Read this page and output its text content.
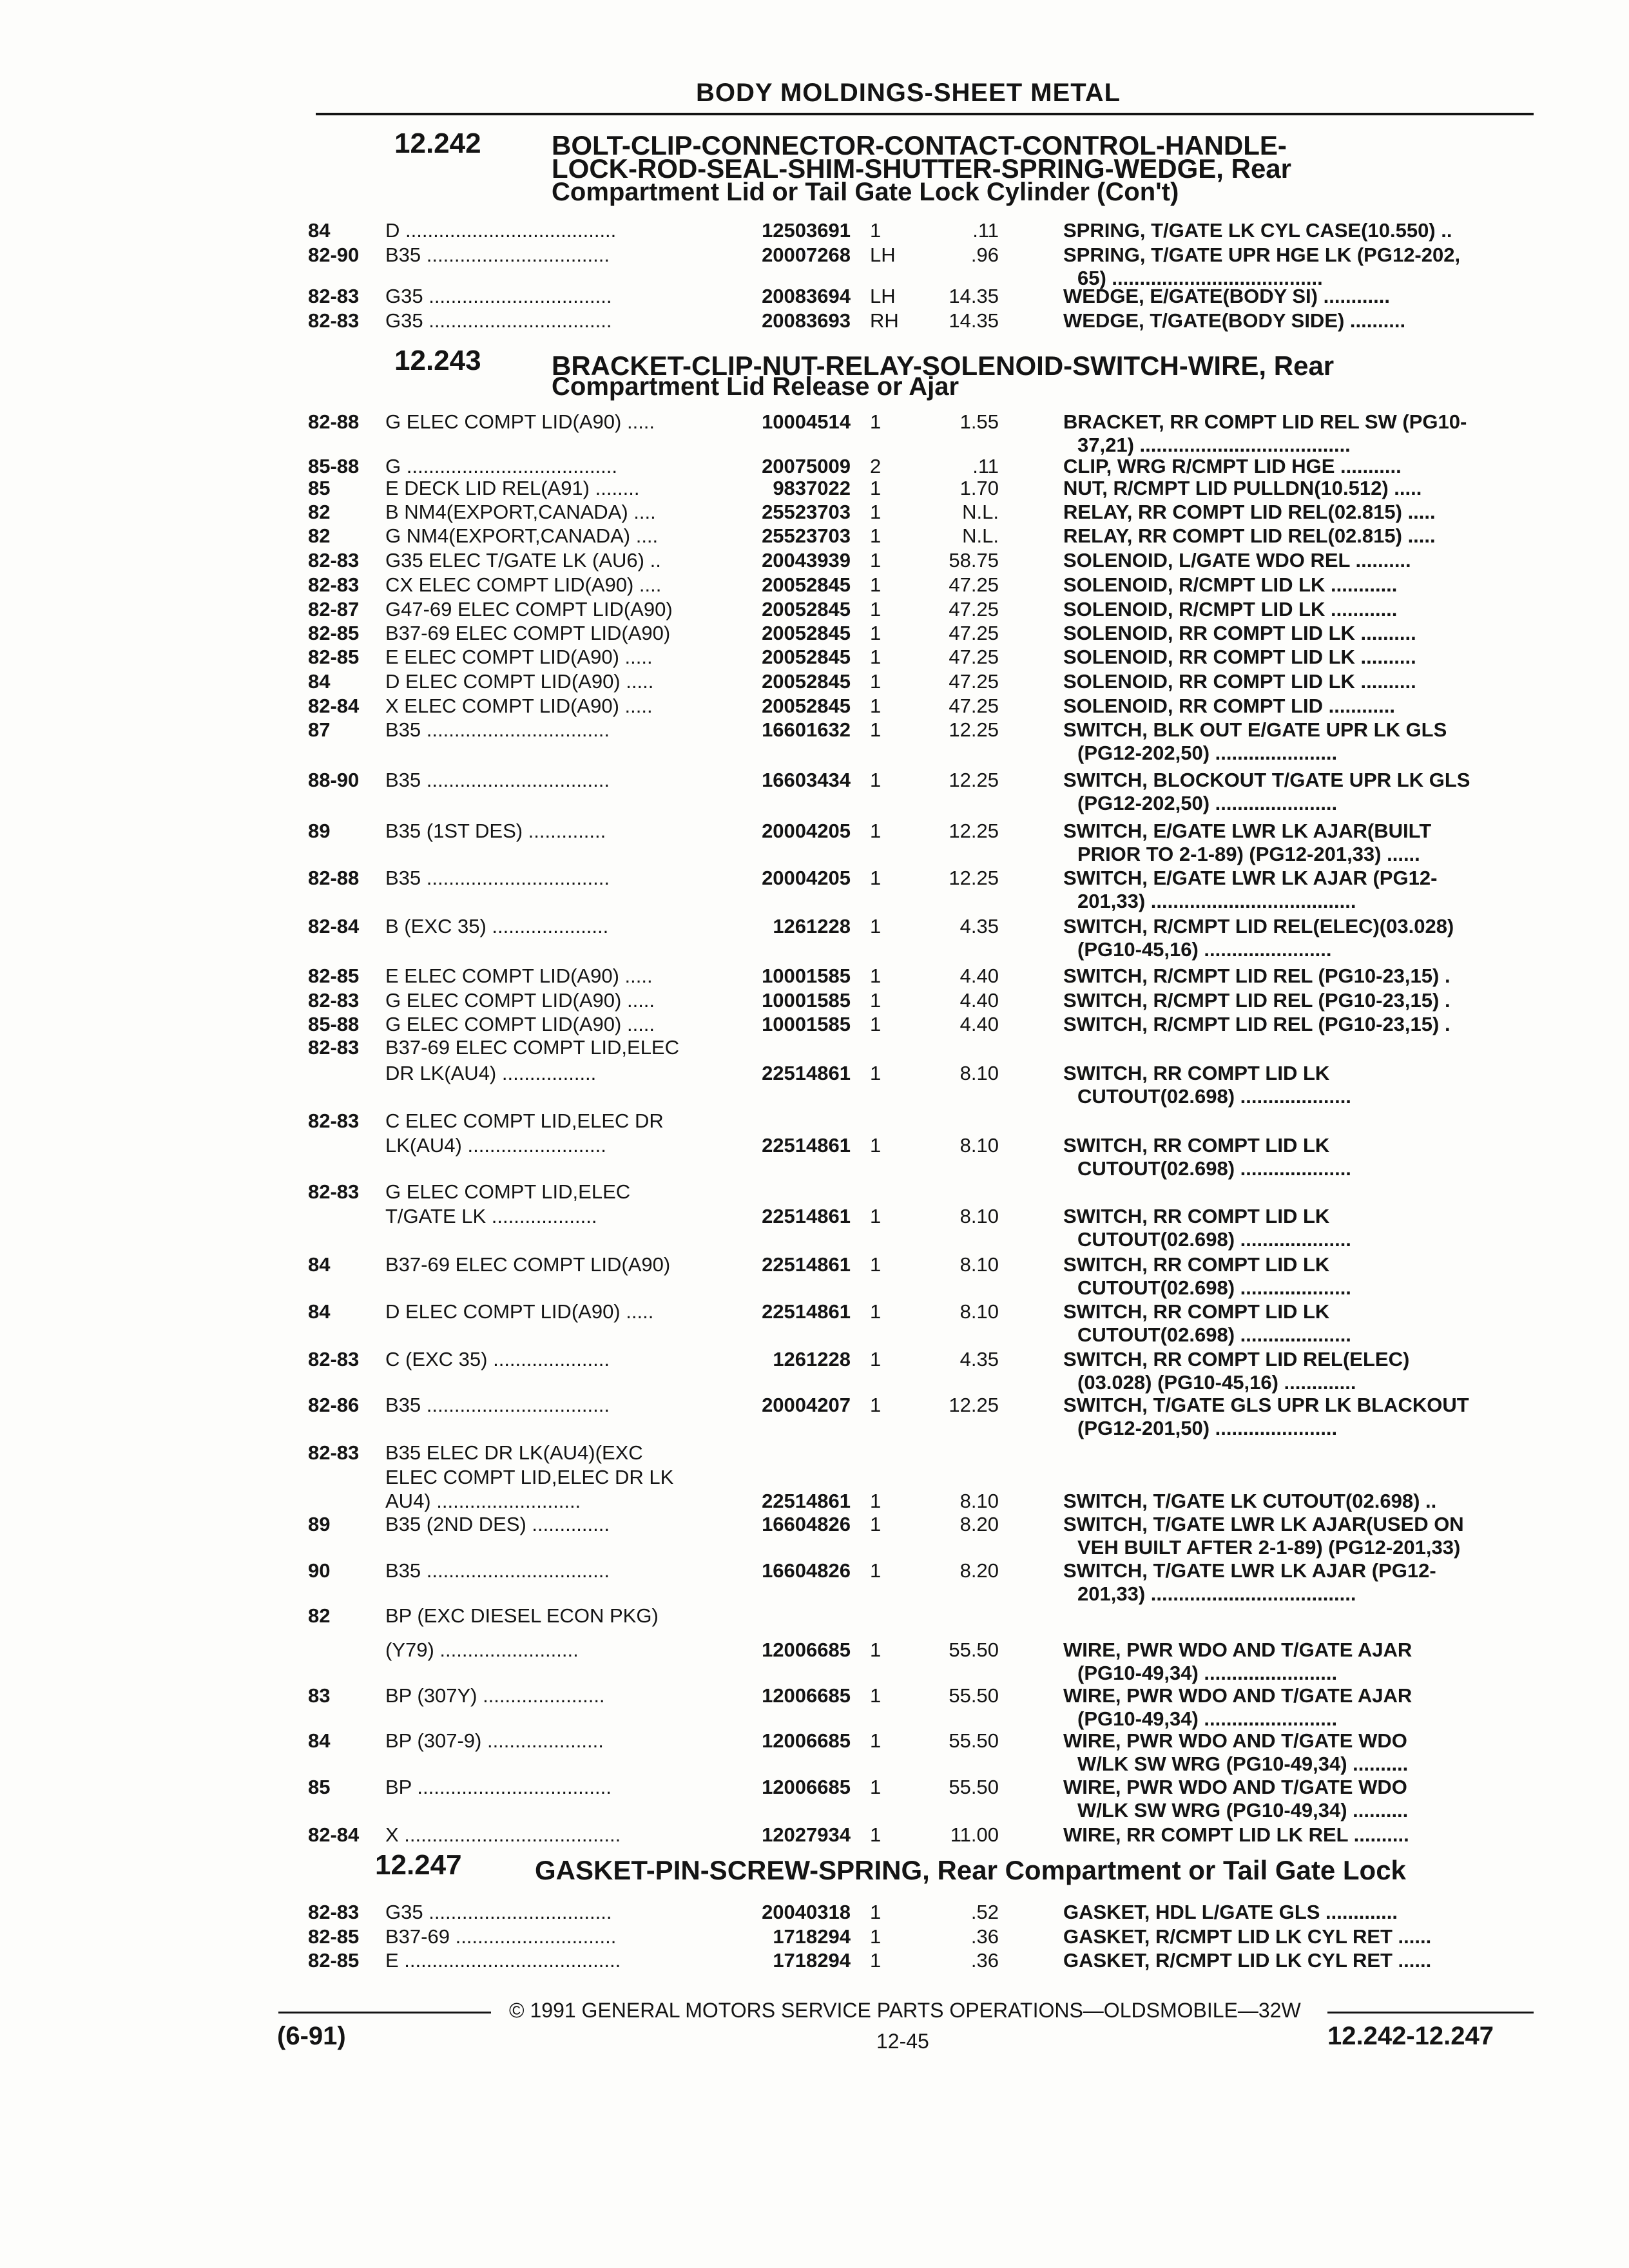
BODY MOLDINGS-SHEET METAL
12.242	BOLT-CLIP-CONNECTOR-CONTACT-CONTROL-HANDLE-
LOCK-ROD-SEAL-SHIM-SHUTTER-SPRING-WEDGE, Rear
Compartment Lid or Tail Gate Lock Cylinder (Con't)
12.243	BRACKET-CLIP-NUT-RELAY-SOLENOID-SWITCH-WIRE, Rear
Compartment Lid Release or Ajar
12.247	GASKET-PIN-SCREW-SPRING, Rear Compartment or Tail Gate Lock
84	D ......................................	12503691 1	.11	SPRING, T/GATE LK CYL CASE(10.550) ..
82-90 B35 .................................	20007268 LH	.96	SPRING, T/GATE UPR HGE LK (PG12-202,
65) ......................................
82-83 G35 .................................	20083694 LH	14.35	WEDGE, E/GATE(BODY SI) ............
82-83 G35 .................................	20083693 RH	14.35	WEDGE, T/GATE(BODY SIDE) ..........
82-88 G ELEC COMPT LID(A90) .....	10004514 1	1.55	BRACKET, RR COMPT LID REL SW (PG10-
37,21) ......................................
85-88 G ......................................	20075009 2	.11	CLIP, WRG R/CMPT LID HGE ...........
85	E DECK LID REL(A91) ........	9837022 1	1.70	NUT, R/CMPT LID PULLDN(10.512) .....
82	B NM4(EXPORT,CANADA) ....	25523703 1	N.L.	RELAY, RR COMPT LID REL(02.815) .....
82	G NM4(EXPORT,CANADA) ....	25523703 1	N.L.	RELAY, RR COMPT LID REL(02.815) .....
82-83 G35 ELEC T/GATE LK (AU6) ..	20043939 1	58.75	SOLENOID, L/GATE WDO REL ..........
82-83 CX ELEC COMPT LID(A90) ....	20052845 1	47.25	SOLENOID, R/CMPT LID LK ............
82-87 G47-69 ELEC COMPT LID(A90)	20052845 1	47.25	SOLENOID, R/CMPT LID LK ............
82-85 B37-69 ELEC COMPT LID(A90)	20052845 1	47.25	SOLENOID, RR COMPT LID LK ..........
82-85 E ELEC COMPT LID(A90) .....	20052845 1	47.25	SOLENOID, RR COMPT LID LK ..........
84	D ELEC COMPT LID(A90) .....	20052845 1	47.25	SOLENOID, RR COMPT LID LK ..........
82-84 X ELEC COMPT LID(A90) .....	20052845 1	47.25	SOLENOID, RR COMPT LID ............
87	B35 .................................	16601632 1	12.25	SWITCH, BLK OUT E/GATE UPR LK GLS
(PG12-202,50) ......................
88-90 B35 .................................	16603434 1	12.25	SWITCH, BLOCKOUT T/GATE UPR LK GLS
(PG12-202,50) ......................
89	B35 (1ST DES) ..............	20004205 1	12.25	SWITCH, E/GATE LWR LK AJAR(BUILT
PRIOR TO 2-1-89) (PG12-201,33) ......
82-88 B35 .................................	20004205 1	12.25	SWITCH, E/GATE LWR LK AJAR (PG12-
201,33) .....................................
82-84 B (EXC 35) .....................	1261228 1	4.35	SWITCH, R/CMPT LID REL(ELEC)(03.028)
(PG10-45,16) .......................
82-85 E ELEC COMPT LID(A90) .....	10001585 1	4.40	SWITCH, R/CMPT LID REL (PG10-23,15) .
82-83 G ELEC COMPT LID(A90) .....	10001585 1	4.40	SWITCH, R/CMPT LID REL (PG10-23,15) .
85-88 G ELEC COMPT LID(A90) .....	10001585 1	4.40	SWITCH, R/CMPT LID REL (PG10-23,15) .
82-83 B37-69 ELEC COMPT LID,ELEC
DR LK(AU4) .................	22514861 1	8.10	SWITCH, RR COMPT LID LK
CUTOUT(02.698) ....................
82-83 C ELEC COMPT LID,ELEC DR
LK(AU4) .........................	22514861 1	8.10	SWITCH, RR COMPT LID LK
CUTOUT(02.698) ....................
82-83 G ELEC COMPT LID,ELEC
T/GATE LK ...................	22514861 1	8.10	SWITCH, RR COMPT LID LK
CUTOUT(02.698) ....................
84	B37-69 ELEC COMPT LID(A90)	22514861 1	8.10	SWITCH, RR COMPT LID LK
CUTOUT(02.698) ....................
84	D ELEC COMPT LID(A90) .....	22514861 1	8.10	SWITCH, RR COMPT LID LK
CUTOUT(02.698) ....................
82-83 C (EXC 35) .....................	1261228 1	4.35	SWITCH, RR COMPT LID REL(ELEC)
(03.028) (PG10-45,16) .............
82-86 B35 .................................	20004207 1	12.25	SWITCH, T/GATE GLS UPR LK BLACKOUT
(PG12-201,50) ......................
82-83 B35 ELEC DR LK(AU4)(EXC
ELEC COMPT LID,ELEC DR LK
AU4) ..........................	22514861 1	8.10	SWITCH, T/GATE LK CUTOUT(02.698) ..
89	B35 (2ND DES) ..............	16604826 1	8.20	SWITCH, T/GATE LWR LK AJAR(USED ON
VEH BUILT AFTER 2-1-89) (PG12-201,33)
90	B35 .................................	16604826 1	8.20	SWITCH, T/GATE LWR LK AJAR (PG12-
201,33) .....................................
82	BP (EXC DIESEL ECON PKG)
(Y79) .........................	12006685 1	55.50	WIRE, PWR WDO AND T/GATE AJAR
(PG10-49,34) ........................
83	BP (307Y) ......................	12006685 1	55.50	WIRE, PWR WDO AND T/GATE AJAR
(PG10-49,34) ........................
84	BP (307-9) .....................	12006685 1	55.50	WIRE, PWR WDO AND T/GATE WDO
W/LK SW WRG (PG10-49,34) ..........
85	BP ...................................	12006685 1	55.50	WIRE, PWR WDO AND T/GATE WDO
W/LK SW WRG (PG10-49,34) ..........
82-84 X .......................................	12027934 1	11.00	WIRE, RR COMPT LID LK REL ..........
82-83 G35 .................................	20040318 1	.52	GASKET, HDL L/GATE GLS .............
82-85 B37-69 .............................	1718294 1	.36	GASKET, R/CMPT LID LK CYL RET ......
82-85 E .......................................	1718294 1	.36	GASKET, R/CMPT LID LK CYL RET ......
© 1991 GENERAL MOTORS SERVICE PARTS OPERATIONS—OLDSMOBILE—32W
(6-91)	12-45	12.242-12.247
